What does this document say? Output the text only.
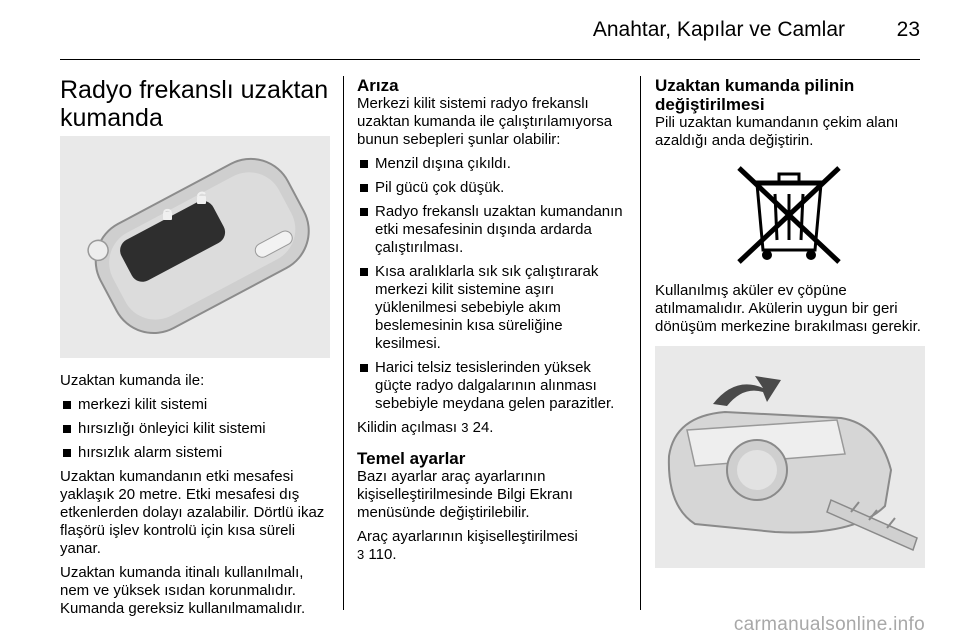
Anahtar, Kapılar ve Camlar	23
Radyo frekanslı uzaktan kumanda

Uzaktan kumanda ile:

merkezi kilit sistemi
hırsızlığı önleyici kilit sistemi
hırsızlık alarm sistemi

Uzaktan kumandanın etki mesafesi yaklaşık 20 metre. Etki mesafesi dış etkenlerden dolayı azalabilir. Dörtlü ikaz flaşörü işlev kontrolü için kısa süreli yanar.

Uzaktan kumanda itinalı kullanılmalı, nem ve yüksek ısıdan korunmalıdır. Kumanda gereksiz kullanılmamalıdır.

Arıza

Merkezi kilit sistemi radyo frekanslı uzaktan kumanda ile çalıştırılamıyorsa bunun sebepleri şunlar olabilir:

Menzil dışına çıkıldı.
Pil gücü çok düşük.
Radyo frekanslı uzaktan kumandanın etki mesafesinin dışında ardarda çalıştırılması.
Kısa aralıklarla sık sık çalıştırarak merkezi kilit sistemine aşırı yüklenilmesi sebebiyle akım beslemesinin kısa süreliğine kesilmesi.
Harici telsiz tesislerinden yüksek güçte radyo dalgalarının alınması sebebiyle meydana gelen parazitler.

Kilidin açılması 3 24.

Temel ayarlar

Bazı ayarlar araç ayarlarının kişiselleştirilmesinde Bilgi Ekranı menüsünde değiştirilebilir.

Araç ayarlarının kişiselleştirilmesi
3 110.

Uzaktan kumanda pilinin değiştirilmesi

Pili uzaktan kumandanın çekim alanı azaldığı anda değiştirin.

Kullanılmış aküler ev çöpüne atılmamalıdır. Akülerin uygun bir geri dönüşüm merkezine bırakılması gerekir.

carmanualsonline.info
